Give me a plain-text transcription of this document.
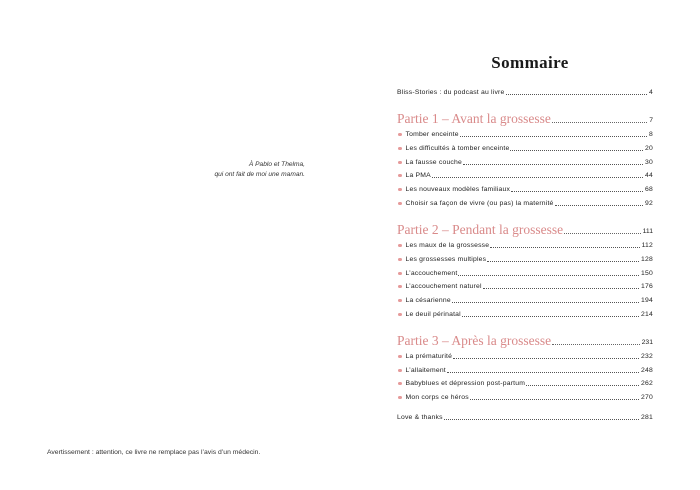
À Pablo et Thelma,
qui ont fait de moi une maman.
Avertissement : attention, ce livre ne remplace pas l’avis d’un médecin.
Sommaire
Bliss-Stories : du podcast au livre	4
Partie 1 – Avant la grossesse	7
Tomber enceinte	8
Les difficultés à tomber enceinte	20
La fausse couche	30
La PMA	44
Les nouveaux modèles familiaux	68
Choisir sa façon de vivre (ou pas) la maternité	92
Partie 2 – Pendant la grossesse	111
Les maux de la grossesse	112
Les grossesses multiples	128
L’accouchement	150
L’accouchement naturel	176
La césarienne	194
Le deuil périnatal	214
Partie 3 – Après la grossesse	231
La prématurité	232
L’allaitement	248
Babyblues et dépression post-partum	262
Mon corps ce héros	270
Love & thanks	281
